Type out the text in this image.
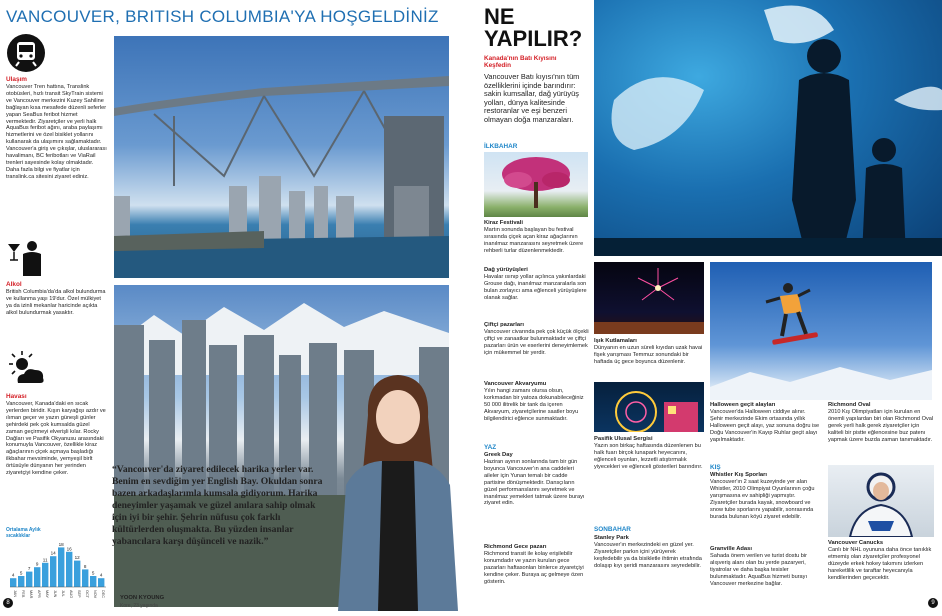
VANCOUVER, BRITISH COLUMBIA'YA HOŞGELDİNİZ
Ulaşım
Vancouver Tren hattına, Translink otobüsleri, hızlı transit SkyTrain sistemi ve Vancouver merkezini Kuzey Sahiline bağlayan kısa mesafede düzenli seferler yapan SeaBus feribot hizmet vermektedir. Ziyaretçiler ve yerli halk AquaBus feribot ağını, araba paylaşımı hizmetlerini ve özel bisiklet yollarını kullanarak da ulaşımını sağlamaktadır. Vancouver'a giriş ve çıkışlar, uluslararası havalimanı, BC feribotları ve ViaRail trenleri sayesinde kolay olmaktadır. Daha fazla bilgi ve fiyatlar için translink.ca sitesini ziyaret ediniz.
Alkol
British Columbia'da'da alkol bulundurma ve kullanma yaşı 19'dur. Özel mülkiyet ya da izinli mekanlar haricinde açıkta alkol bulundurmak yasaktır.
Havası
Vancouver, Kanada'daki en sıcak yerlerden biridir. Kışın karyağışı azdır ve ılıman geçer ve yazın güneşli günler şehirdeki pek çok kumsalda güzel zaman geçirmeyi elverişli kılar. Rocky Dağları ve Pasifik Okyanusu arasındaki konumuyla Vancouver, özellikle kiraz ağaçlarının çiçek açmaya başladığı ilkbahar mevsiminde, yemyeşil birlt örtüsüyle dünyanın her yerinden ziyaretçiyi kendine çeker.
Ortalama Aylık sıcaklıklar
4
JAN
5
FEB
7
MAR
9
APR
11
MAY
14
JUN
18
JUL
16
AUG
12
SEP
8
OCT
5
NOV
4
DEC
“Vancouver'da ziyaret edilecek harika yerler var. Benim en sevdiğim yer English Bay. Okuldan sonra bazen arkadaşlarımla kumsala gidiyorum. Harika deneyimler yaşamak ve güzel anılara sahip olmak için iyi bir şehir. Şehrin nüfusu çok farklı kültürlerden oluşmakta. Bu yüzden insanlar yabancılara karşı düşünceli ve nazik.”
YOON KYOUNG
Kore, 23 yaşında
8	9
NE
YAPILIR?
Kanada'nın Batı Kıyısını Keşfedin
Vancouver Batı kıyısı'nın tüm özelliklerini içinde barındırır: sakin kumsallar, dağ yürüyüş yolları, dünya kalitesinde restoranlar ve eşi benzeri olmayan doğa manzaraları.
İLKBAHAR
Kiraz Festivali
Martın sonunda başlayan bu festival sırasında çiçek açan kiraz ağaçlarının inanılmaz manzarasını seyretmek üzere rehberli turlar düzenlenmektedir.
Dağ yürüyüşleri
Havalar ısınıp yollar açılınca yakınlardaki Grouse dağı, inanılmaz manzaralarla son bulan zorlayıcı ama eğlenceli yürüyüşlere olanak sağlar.
Çiftçi pazarları
Vancouver civarında pek çok küçük ölçekli çiftçi ve zanaatkar bulunmaktadır ve çiftçi pazarları ürün ve eserlerini deneyimlemek için mükemmel bir yerdir.
Vancouver Akvaryumu
Yılın hangi zamanı olursa olsun, korkmadan bir yatoza dokunabileceğiniz 50 000 ilitrelik bir tank da içeren Akvaryum, ziyaretçilerine saatler boyu bilgilendirici eğlence sunmaktadır.
YAZ
Greek Day
Haziran ayının sonlarında tam bir gün boyunca Vancouver'ın ana caddeleri aileler için Yunan temalı bir cadde partisine dönüşmektedir. Dansçıların güzel performanslarını seyretmek ve inanılmaz yemekleri tatmak üzere burayı ziyaret edin.
Richmond Gece pazarı
Richmond transit ile kolay erişilebilir konumdadır ve yazın kurulan gece pazarları haftasonları binlerce ziyaretçiyi kendine çeker. Buraya aç gelmeye özen gösterin.
Işık Kutlamaları
Dünyanın en uzun süreli kıyıdan uzak havai fişek yarışması Temmuz sonundaki bir haftada üç gece boyunca düzenlenir.
Pasifik Ulusal Sergisi
Yazın son birkaç haftasında düzenlenen bu halk fuarı birçok lunapark heyecanını, eğlenceli oyunları, lezzetli atıştırmalık yiyecekleri ve eğlenceli gösterileri barındırır.
SONBAHAR
Stanley Park
Vancouver'ın merkezindeki en güzel yer. Ziyaretçiler parkın içini yürüyerek keşfedebilir ya da bisikletle ihtimin etrafında dolaşıp kıyı şeridi manzarasını seyredebilir.
Halloween geçit alayları
Vancouver'da Halloween ciddiye alınır. Şehir merkezinde Ekim ortasında yıllık Halloween geçit alayı, yaz sonuna doğru ise Doğu Vancouver'in Kayıp Ruhlar geçit alayı yapılmaktadır.
Richmond Oval
2010 Kış Olimpiyatları için kurulan en önemli yapılardan biri olan Richmond Oval gerek yerli halk gerek ziyaretçiler için kaliteli bir pistte eğlencesine buz patenı yapmak üzere buzda zaman tanımaktadır.
KIŞ
Whistler Kış Sporları
Vancouver'ın 2 saat kuzeyinde yer alan Whistler, 2010 Olimpiyat Oyunlarının çoğu yarışmasına ev sahipliği yapmıştır. Ziyaretçiler burada kayak, snowboard ve snow tube sporlarını yapabilir, sonrasında burada bulunan köyü ziyaret edebilir.
Granville Adası
Sahada önem verilen ve turist dostu bir alışveriş alanı olan bu yerde pazaryeri, tiyatrolar ve daha başka tesisler bulunmaktadır. AquaBus hizmeti burayı Vancouver merkezine bağlar.
Vancouver Canucks
Canlı bir NHL oyununa daha önce tanıklık etmemiş olan ziyaretçiler profesyonel düzeyde erkek hokey takımını izlerken hareketlilik ve taraftar heyecanıyla kendilerinden geçecektir.
